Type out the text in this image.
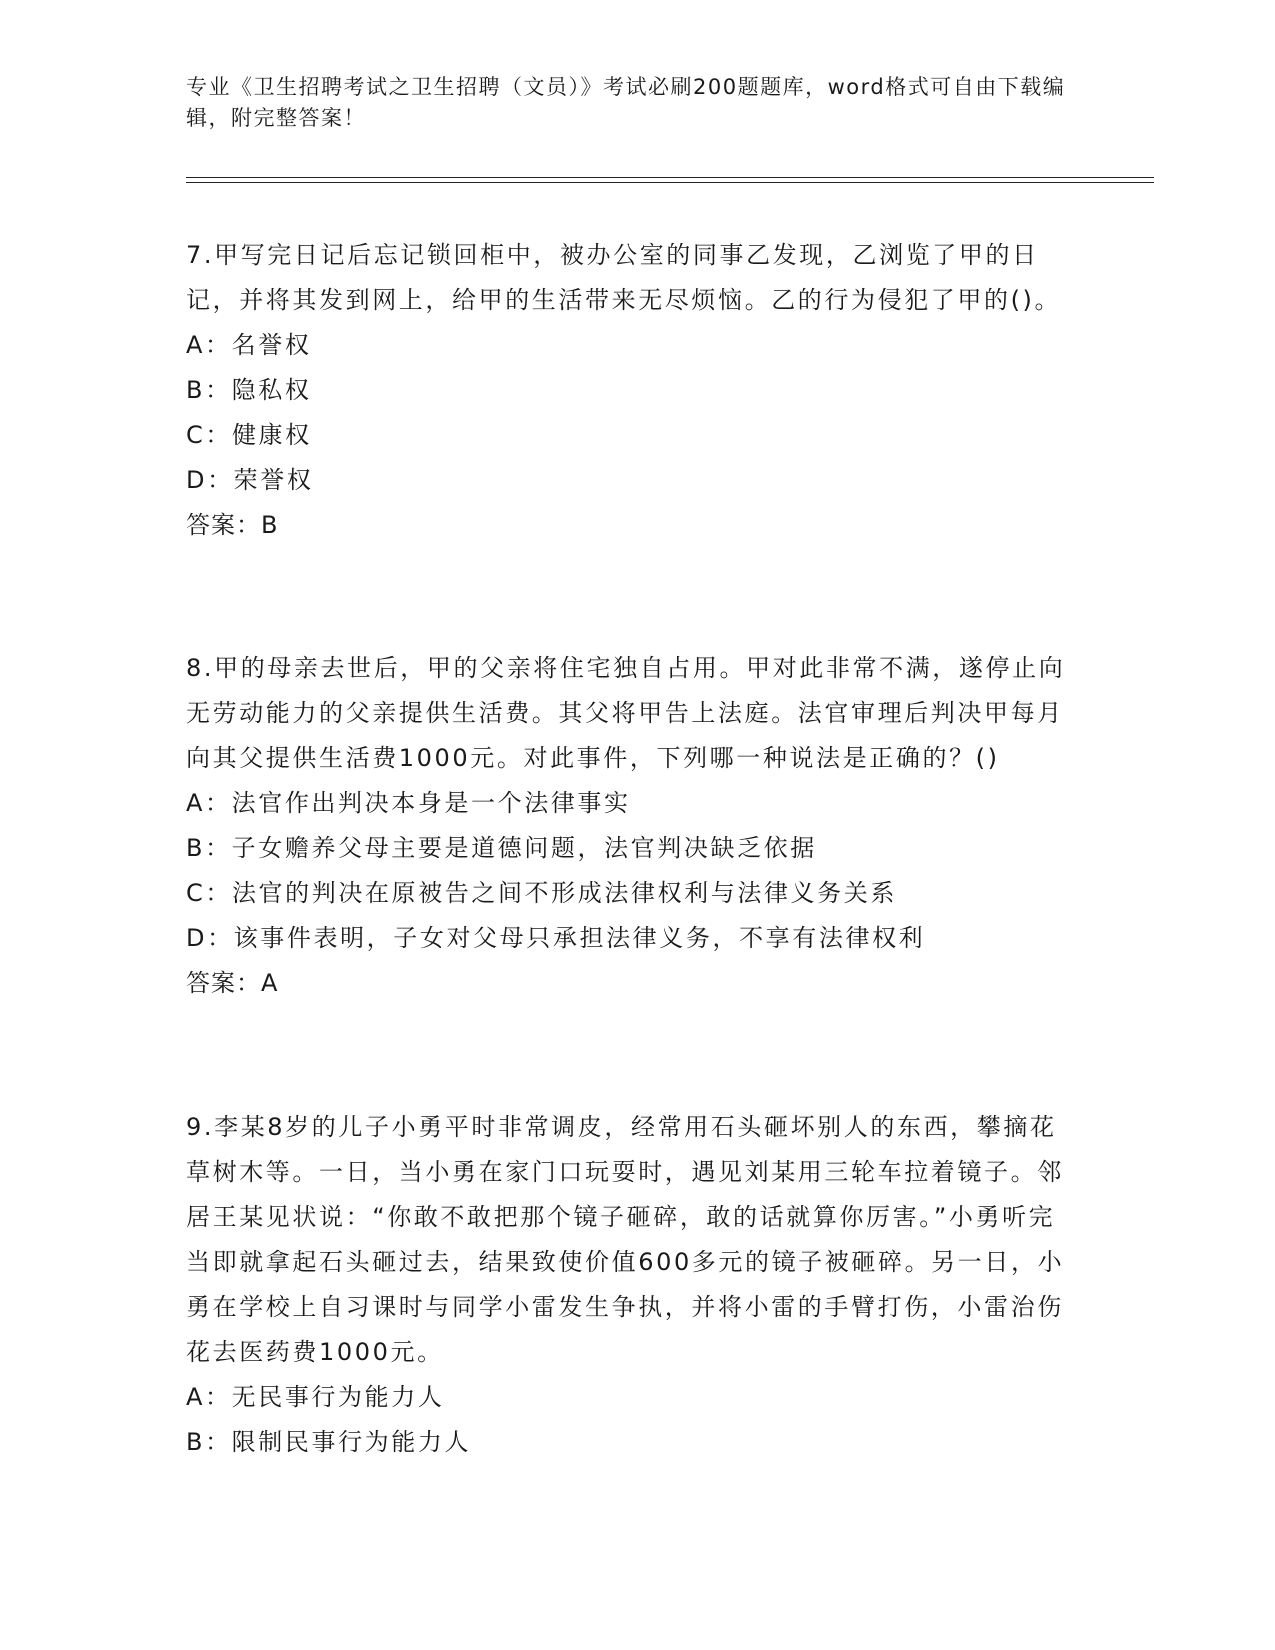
专业《卫生招聘考试之卫生招聘（文员）》考试必刷200题题库，word格式可自由下载编辑，附完整答案！
7.甲写完日记后忘记锁回柜中，被办公室的同事乙发现，乙浏览了甲的日记，并将其发到网上，给甲的生活带来无尽烦恼。乙的行为侵犯了甲的()。
A：名誉权
B：隐私权
C：健康权
D：荣誉权
答案：B
8.甲的母亲去世后，甲的父亲将住宅独自占用。甲对此非常不满，遂停止向无劳动能力的父亲提供生活费。其父将甲告上法庭。法官审理后判决甲每月向其父提供生活费1000元。对此事件，下列哪一种说法是正确的？()
A：法官作出判决本身是一个法律事实
B：子女赡养父母主要是道德问题，法官判决缺乏依据
C：法官的判决在原被告之间不形成法律权利与法律义务关系
D：该事件表明，子女对父母只承担法律义务，不享有法律权利
答案：A
9.李某8岁的儿子小勇平时非常调皮，经常用石头砸坏别人的东西，攀摘花草树木等。一日，当小勇在家门口玩耍时，遇见刘某用三轮车拉着镜子。邻居王某见状说：“你敢不敢把那个镜子砸碎，敢的话就算你厉害。”小勇听完当即就拿起石头砸过去，结果致使价值600多元的镜子被砸碎。另一日，小勇在学校上自习课时与同学小雷发生争执，并将小雷的手臂打伤，小雷治伤花去医药费1000元。
A：无民事行为能力人
B：限制民事行为能力人
